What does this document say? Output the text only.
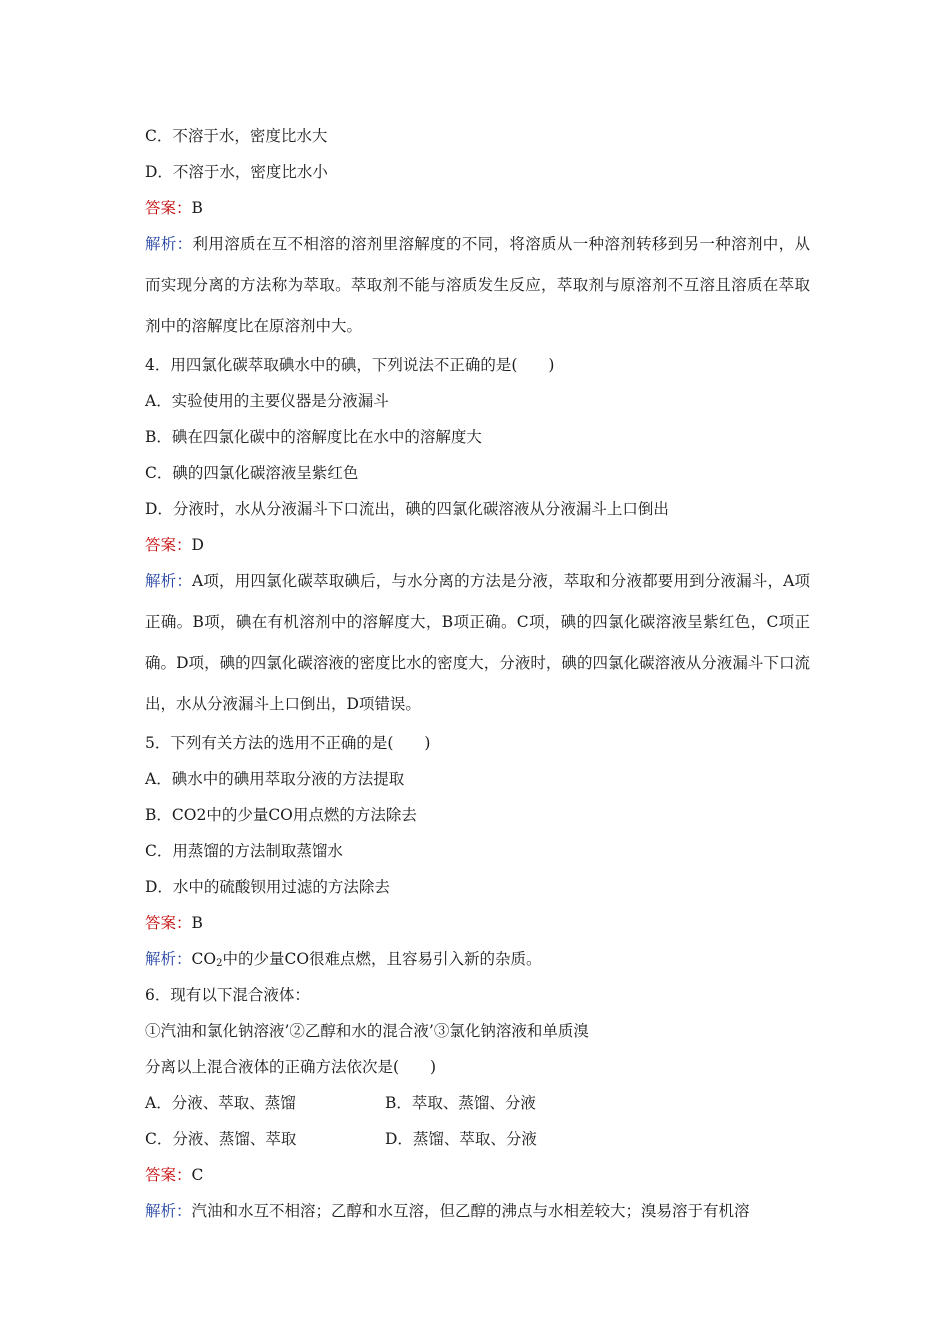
C．不溶于水，密度比水大
D．不溶于水，密度比水小
答案：B
解析：利用溶质在互不相溶的溶剂里溶解度的不同，将溶质从一种溶剂转移到另一种溶剂中，从而实现分离的方法称为萃取。萃取剂不能与溶质发生反应，萃取剂与原溶剂不互溶且溶质在萃取剂中的溶解度比在原溶剂中大。
4．用四氯化碳萃取碘水中的碘，下列说法不正确的是(　　)
A．实验使用的主要仪器是分液漏斗
B．碘在四氯化碳中的溶解度比在水中的溶解度大
C．碘的四氯化碳溶液呈紫红色
D．分液时，水从分液漏斗下口流出，碘的四氯化碳溶液从分液漏斗上口倒出
答案：D
解析：A项，用四氯化碳萃取碘后，与水分离的方法是分液，萃取和分液都要用到分液漏斗，A项正确。B项，碘在有机溶剂中的溶解度大，B项正确。C项，碘的四氯化碳溶液呈紫红色，C项正确。D项，碘的四氯化碳溶液的密度比水的密度大，分液时，碘的四氯化碳溶液从分液漏斗下口流出，水从分液漏斗上口倒出，D项错误。
5．下列有关方法的选用不正确的是(　　)
A．碘水中的碘用萃取分液的方法提取
B．CO2中的少量CO用点燃的方法除去
C．用蒸馏的方法制取蒸馏水
D．水中的硫酸钡用过滤的方法除去
答案：B
解析：$CO_2$中的少量CO很难点燃，且容易引入新的杂质。
6．现有以下混合液体：
①汽油和氯化钠溶液’②乙醇和水的混合液’③氯化钠溶液和单质溴
分离以上混合液体的正确方法依次是(　　)
A．分液、萃取、蒸馏	B．萃取、蒸馏、分液
C．分液、蒸馏、萃取	D．蒸馏、萃取、分液
答案：C
解析：汽油和水互不相溶；乙醇和水互溶，但乙醇的沸点与水相差较大；溴易溶于有机溶
